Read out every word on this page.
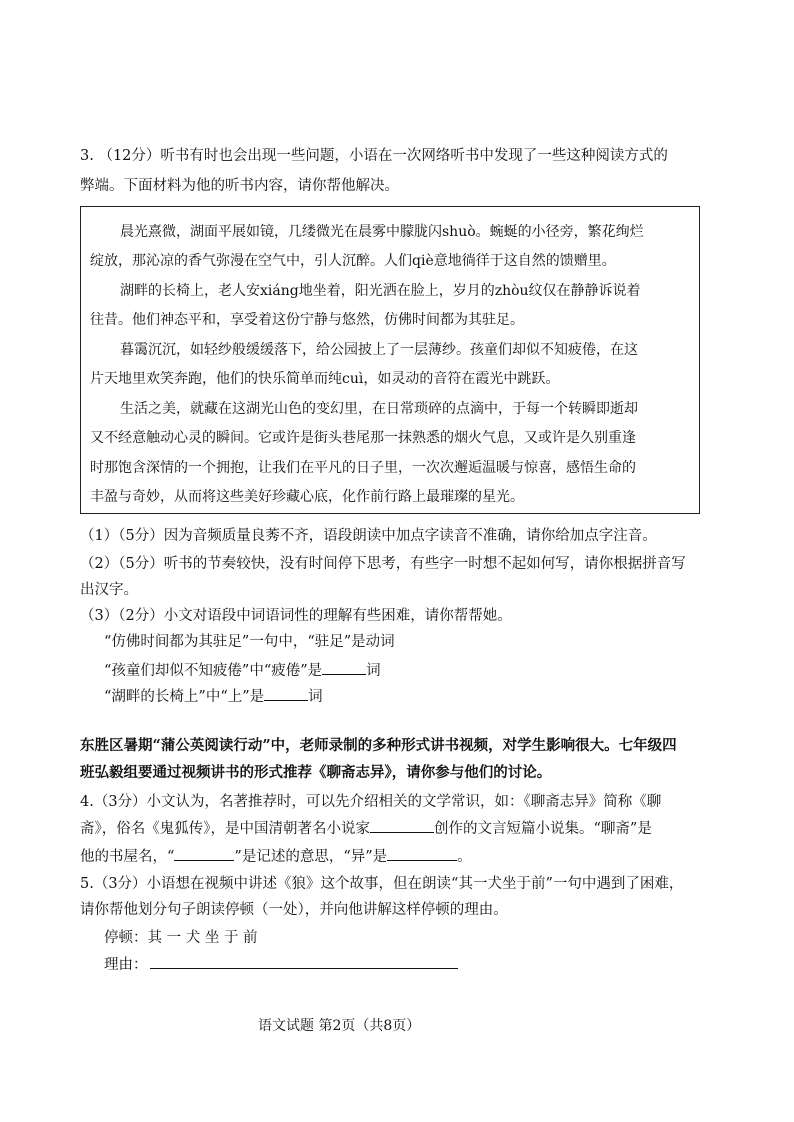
3. （12分）听书有时也会出现一些问题，小语在一次网络听书中发现了一些这种阅读方式的
弊端。下面材料为他的听书内容，请你帮他解决。
晨光熹微，湖面平展如镜，几缕微光在晨雾中朦胧闪shuò。蜿蜒的小径旁，繁花绚烂
绽放，那沁凉的香气弥漫在空气中，引人沉醉。人们qiè意地徜徉于这自然的馈赠里。
湖畔的长椅上，老人安xiáng地坐着，阳光洒在脸上，岁月的zhòu纹仅在静静诉说着
往昔。他们神态平和，享受着这份宁静与悠然，仿佛时间都为其驻足。
暮霭沉沉，如轻纱般缓缓落下，给公园披上了一层薄纱。孩童们却似不知疲倦，在这
片天地里欢笑奔跑，他们的快乐简单而纯cuì，如灵动的音符在霞光中跳跃。
生活之美，就藏在这湖光山色的变幻里，在日常琐碎的点滴中，于每一个转瞬即逝却
又不经意触动心灵的瞬间。它或许是街头巷尾那一抹熟悉的烟火气息，又或许是久别重逢
时那饱含深情的一个拥抱，让我们在平凡的日子里，一次次邂逅温暖与惊喜，感悟生命的
丰盈与奇妙，从而将这些美好珍藏心底，化作前行路上最璀璨的星光。
（1）（5分）因为音频质量良莠不齐，语段朗读中加点字读音不准确，请你给加点字注音。
（2）（5分）听书的节奏较快，没有时间停下思考，有些字一时想不起如何写，请你根据拼音写
出汉字。
（3）（2分）小文对语段中词语词性的理解有些困难，请你帮帮她。
“仿佛时间都为其驻足”一句中，“驻足”是动词
“孩童们却似不知疲倦”中“疲倦”是	词
“湖畔的长椅上”中“上”是	词
东胜区暑期“蒲公英阅读行动”中，老师录制的多种形式讲书视频，对学生影响很大。七年级四
班弘毅组要通过视频讲书的形式推荐《聊斋志异》，请你参与他们的讨论。
4.（3分）小文认为，名著推荐时，可以先介绍相关的文学常识，如：《聊斋志异》简称《聊
斋》，俗名《鬼狐传》，是中国清朝著名小说家	创作的文言短篇小说集。“聊斋”是
他的书屋名，“	”是记述的意思，“异”是	。
5.（3分）小语想在视频中讲述《狼》这个故事，但在朗读“其一犬坐于前”一句中遇到了困难，
请你帮他划分句子朗读停顿（一处），并向他讲解这样停顿的理由。
停顿：其 一 犬 坐 于 前
理由：
语文试题 第2页（共8页）
